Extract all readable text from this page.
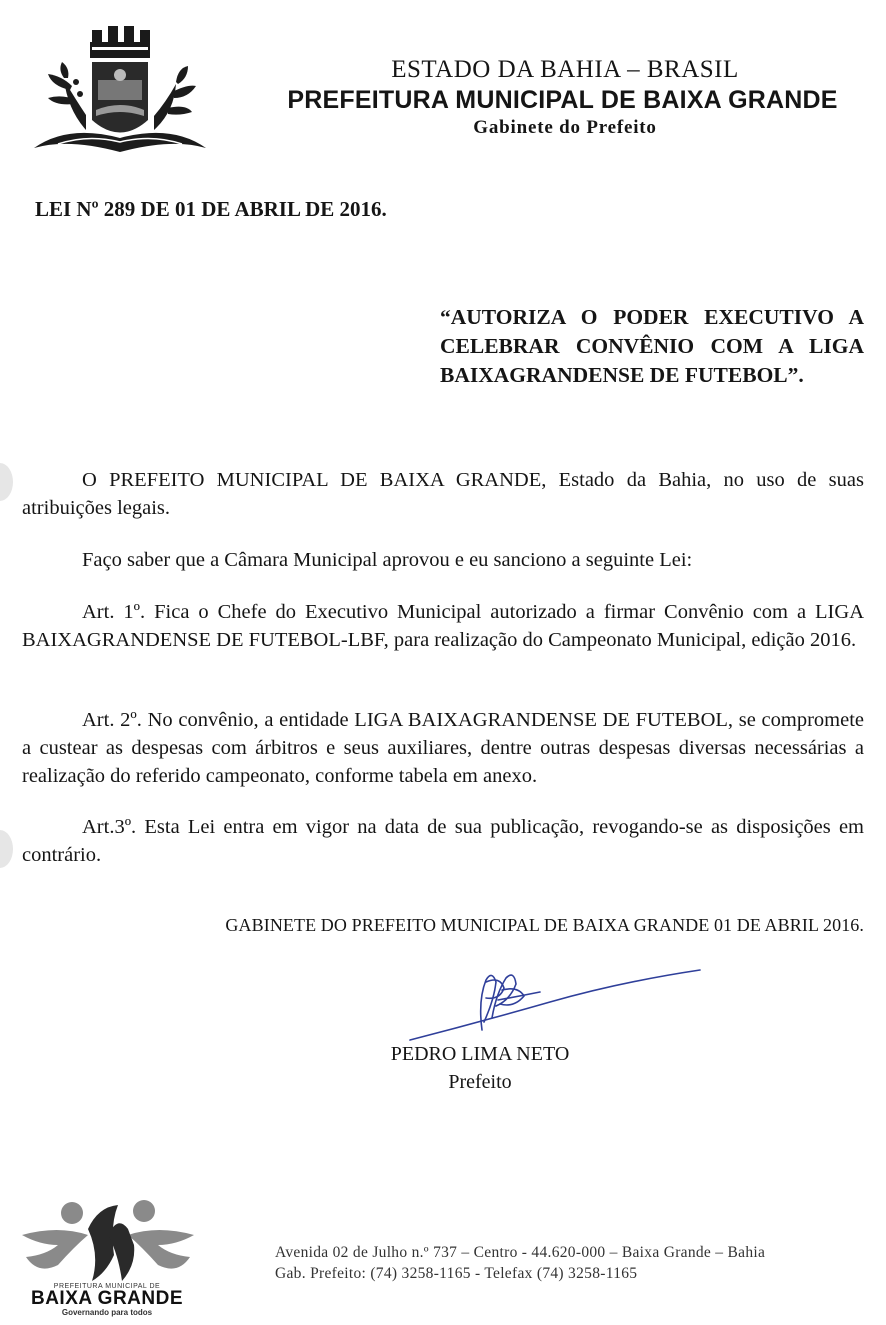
ESTADO DA BAHIA – BRASIL
PREFEITURA MUNICIPAL DE BAIXA GRANDE
Gabinete do Prefeito
LEI Nº 289 DE 01 DE ABRIL DE 2016.
“AUTORIZA O PODER EXECUTIVO A CELEBRAR CONVÊNIO COM A LIGA BAIXAGRANDENSE DE FUTEBOL”.
O PREFEITO MUNICIPAL DE BAIXA GRANDE, Estado da Bahia, no uso de suas atribuições legais.
Faço saber que a Câmara Municipal aprovou e eu sanciono a seguinte Lei:
Art. 1º. Fica o Chefe do Executivo Municipal autorizado a firmar Convênio com a LIGA BAIXAGRANDENSE DE FUTEBOL-LBF, para realização do Campeonato Municipal, edição 2016.
Art. 2º. No convênio, a entidade LIGA BAIXAGRANDENSE DE FUTEBOL, se compromete a custear as despesas com árbitros e seus auxiliares, dentre outras despesas diversas necessárias a realização do referido campeonato, conforme tabela em anexo.
Art.3º. Esta Lei entra em vigor na data de sua publicação, revogando-se as disposições em contrário.
GABINETE DO PREFEITO MUNICIPAL DE BAIXA GRANDE 01 DE ABRIL 2016.
PEDRO LIMA NETO
Prefeito
PREFEITURA MUNICIPAL DE
BAIXA GRANDE
Governando para todos
Avenida 02 de Julho n.º 737 – Centro - 44.620-000 – Baixa Grande – Bahia
Gab. Prefeito: (74) 3258-1165 - Telefax (74) 3258-1165
